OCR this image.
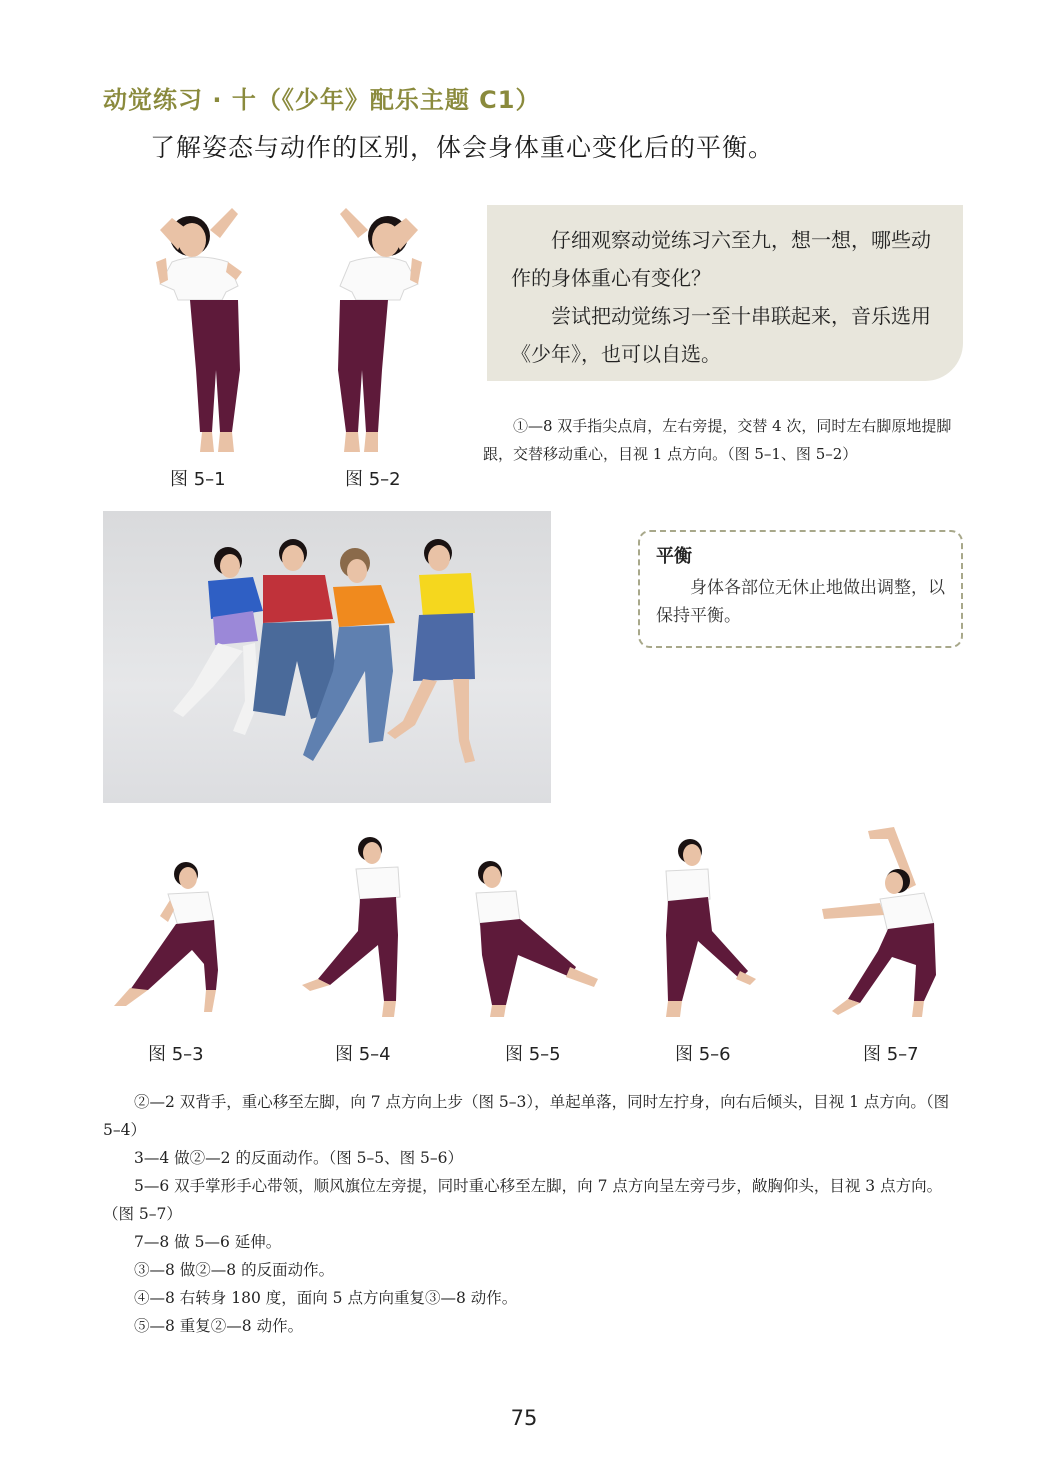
动觉练习 · 十（《少年》配乐主题 C1）
了解姿态与动作的区别，体会身体重心变化后的平衡。
图 5–1	图 5–2

仔细观察动觉练习六至九，想一想，哪些动作的身体重心有变化？

尝试把动觉练习一至十串联起来，音乐选用《少年》，也可以自选。

①—8 双手指尖点肩，左右旁提，交替 4 次，同时左右脚原地提脚跟，交替移动重心，目视 1 点方向。（图 5–1、图 5–2）
平衡
身体各部位无休止地做出调整，以保持平衡。
图 5–3	图 5–4	图 5–5	图 5–6	图 5–7

②—2 双背手，重心移至左脚，向 7 点方向上步（图 5–3），单起单落，同时左拧身，向右后倾头，目视 1 点方向。（图 5–4）

3—4 做②—2 的反面动作。（图 5–5、图 5–6）

5—6 双手掌形手心带领，顺风旗位左旁提，同时重心移至左脚，向 7 点方向呈左旁弓步，敞胸仰头，目视 3 点方向。（图 5–7）

7—8 做 5—6 延伸。

③—8 做②—8 的反面动作。

④—8 右转身 180 度，面向 5 点方向重复③—8 动作。

⑤—8 重复②—8 动作。

75
